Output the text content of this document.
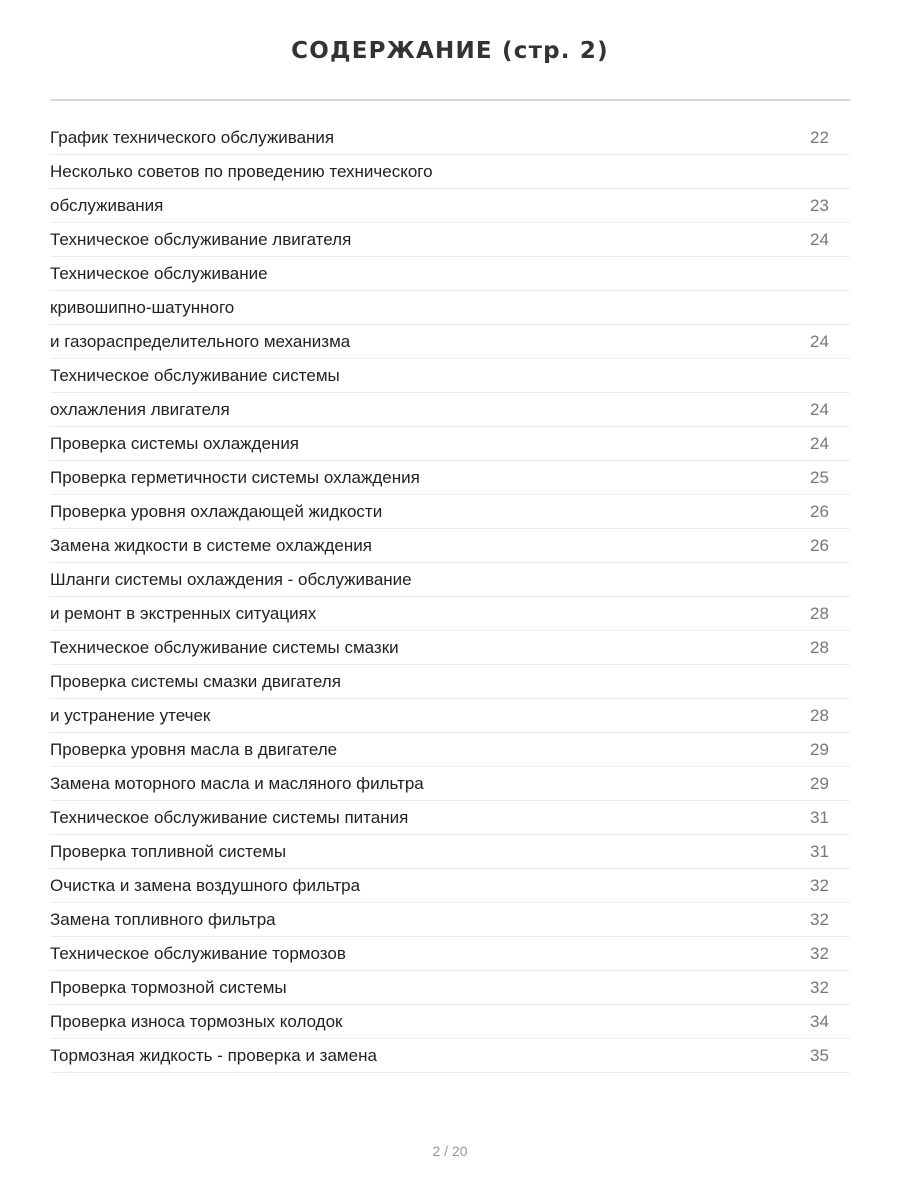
СОДЕРЖАНИЕ (стр. 2)
График технического обслуживания	22
Несколько советов по проведению технического
обслуживания	23
Техническое обслуживание лвигателя	24
Техническое обслуживание
кривошипно-шатунного
и газораспределительного механизма	24
Техническое обслуживание системы
охлажления лвигателя	24
Проверка системы охлаждения	24
Проверка герметичности системы охлаждения	25
Проверка уровня охлаждающей жидкости	26
Замена жидкости в системе охлаждения	26
Шланги системы охлаждения - обслуживание
и ремонт в экстренных ситуациях	28
Техническое обслуживание системы смазки	28
Проверка системы смазки двигателя
и устранение утечек	28
Проверка уровня масла в двигателе	29
Замена моторного масла и масляного фильтра	29
Техническое обслуживание системы питания	31
Проверка топливной системы	31
Очистка и замена воздушного фильтра	32
Замена топливного фильтра	32
Техническое обслуживание тормозов	32
Проверка тормозной системы	32
Проверка износа тормозных колодок	34
Тормозная жидкость - проверка и замена	35
2 / 20
